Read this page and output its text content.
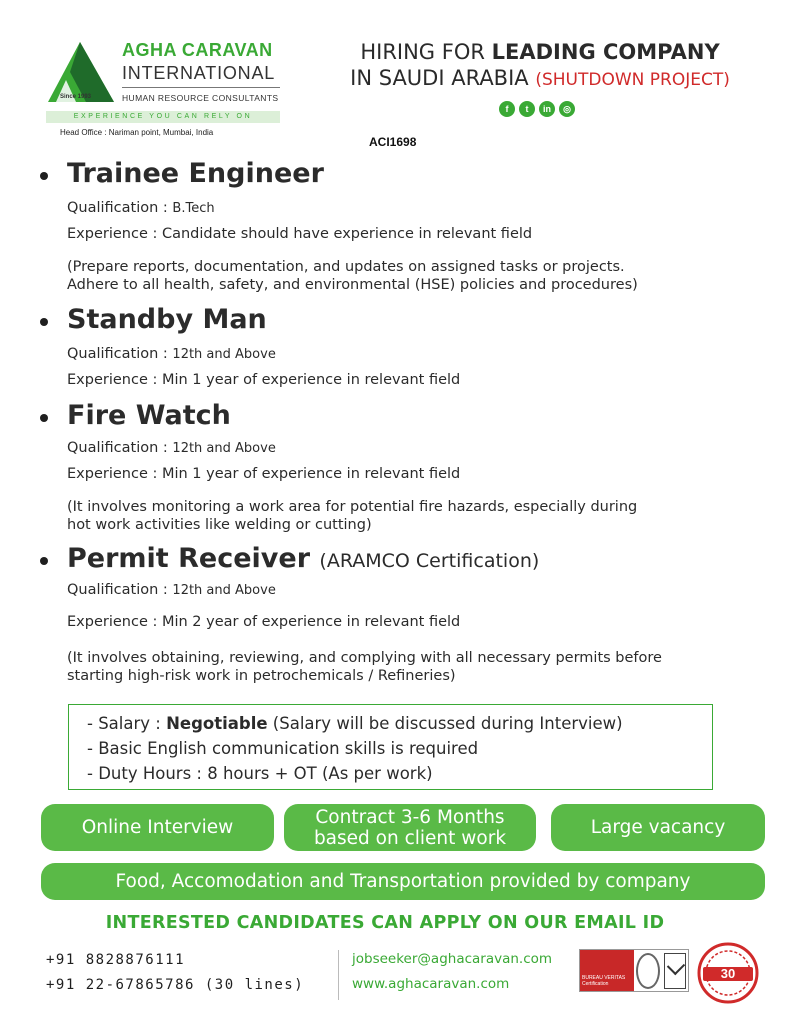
Since 1993
AGHA CARAVAN
INTERNATIONAL
HUMAN RESOURCE CONSULTANTS
EXPERIENCE YOU CAN RELY ON
Head Office : Nariman point, Mumbai, India
HIRING FOR LEADING COMPANY
IN SAUDI ARABIA (SHUTDOWN PROJECT)
f	t	in	◎
ACI1698
Trainee Engineer
Qualification : B.Tech
Experience : Candidate should have experience in relevant field
(Prepare reports, documentation, and updates on assigned tasks or projects.
Adhere to all health, safety, and environmental (HSE) policies and procedures)
Standby Man
Qualification : 12th and Above
Experience : Min 1 year of experience in relevant field
Fire Watch
Qualification : 12th and Above
Experience : Min 1 year of experience in relevant field
(It involves monitoring a work area for potential fire hazards, especially during
hot work activities like welding or cutting)
Permit Receiver (ARAMCO Certification)
Qualification : 12th and Above
Experience : Min 2 year of experience in relevant field
(It involves obtaining, reviewing, and complying with all necessary permits before
starting high-risk work in petrochemicals / Refineries)
- Salary : Negotiable (Salary will be discussed during Interview)
- Basic English communication skills is required
- Duty Hours : 8 hours + OT (As per work)
Online Interview	Contract 3-6 Months
based on client work	Large vacancy
Food, Accomodation and Transportation provided by company
INTERESTED CANDIDATES CAN APPLY ON OUR EMAIL ID
+91 8828876111
+91 22-67865786 (30 lines)
jobseeker@aghacaravan.com
www.aghacaravan.com	BUREAU VERITAS Certification
30
